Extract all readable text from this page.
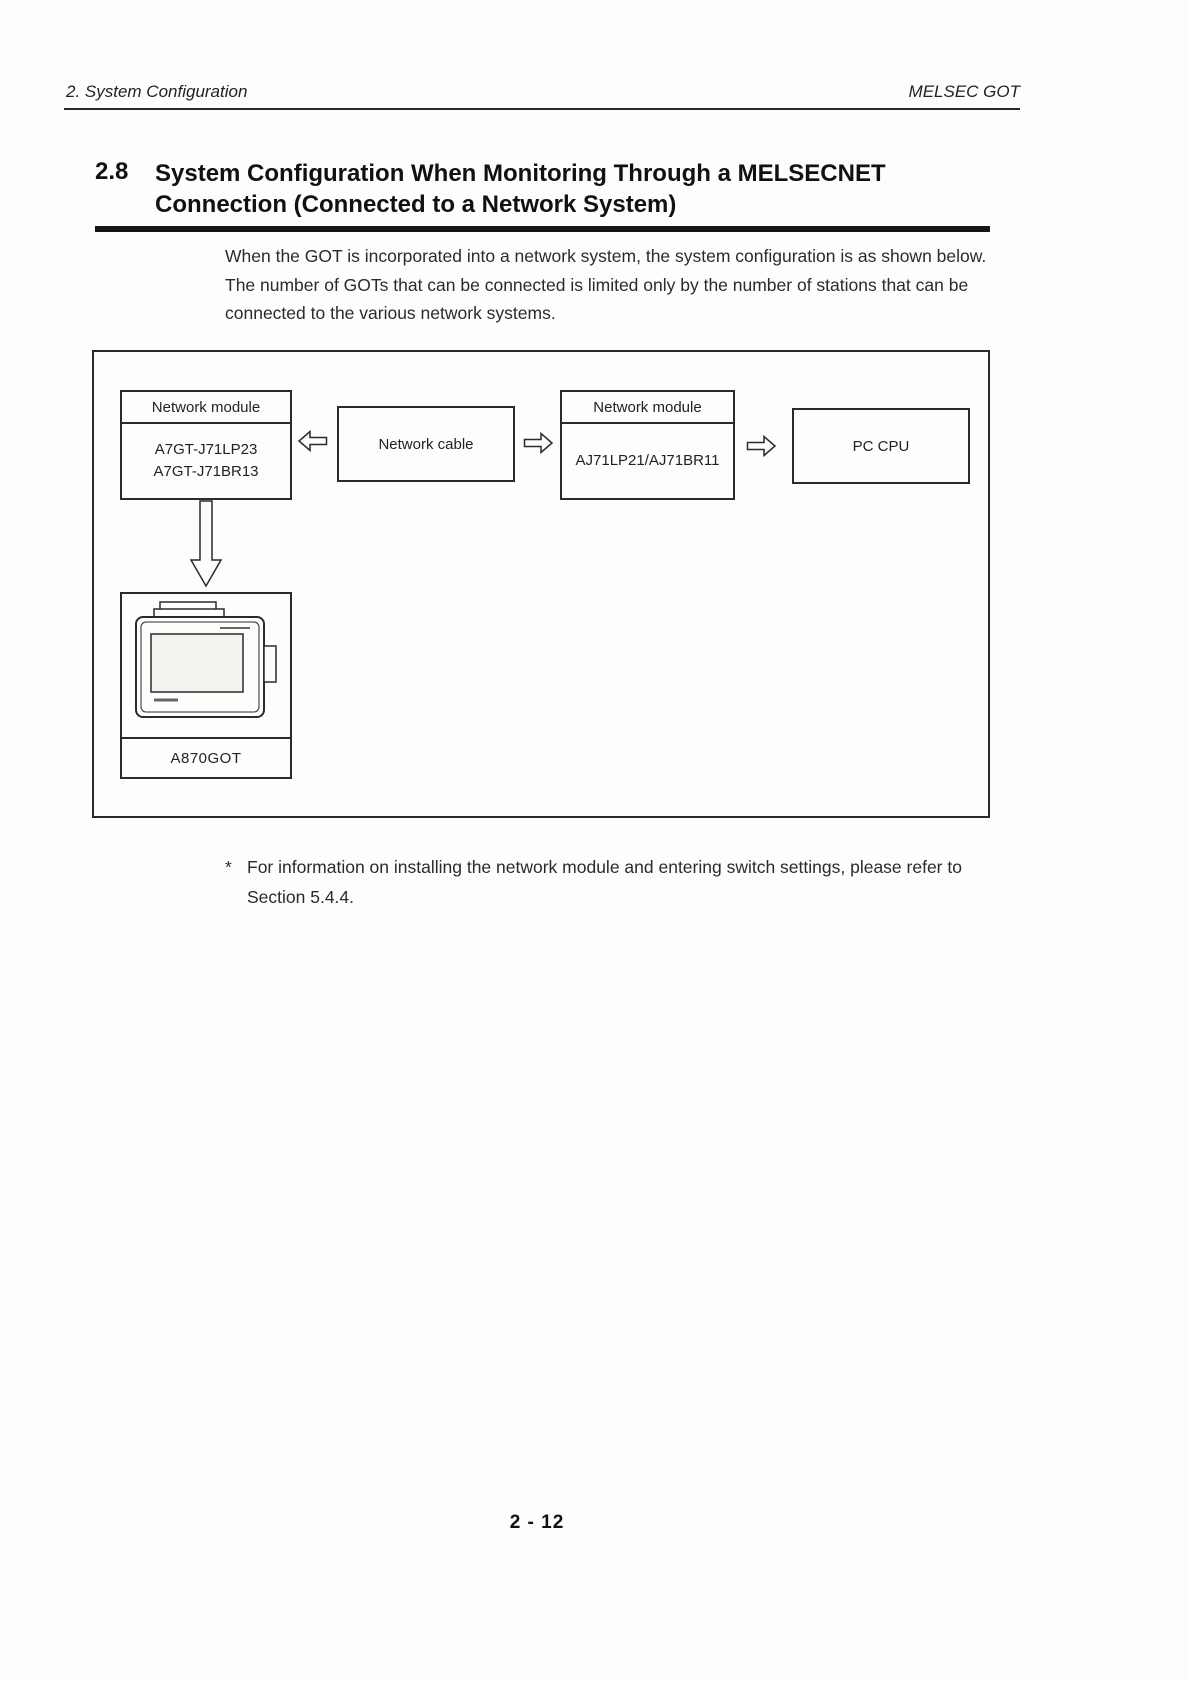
2. System Configuration	MELSEC GOT
2.8	System Configuration When Monitoring Through a MELSECNET
Connection (Connected to a Network System)

When the GOT is incorporated into a network system, the system configuration is as shown below. The number of GOTs that can be connected is limited only by the number of stations that can be connected to the various network systems.

Network module
A7GT-J71LP23
A7GT-J71BR13
Network cable
Network module
AJ71LP21/AJ71BR11
PC CPU
A870GOT
* For information on installing the network module and entering switch settings, please refer to
Section 5.4.4.
2 - 12
